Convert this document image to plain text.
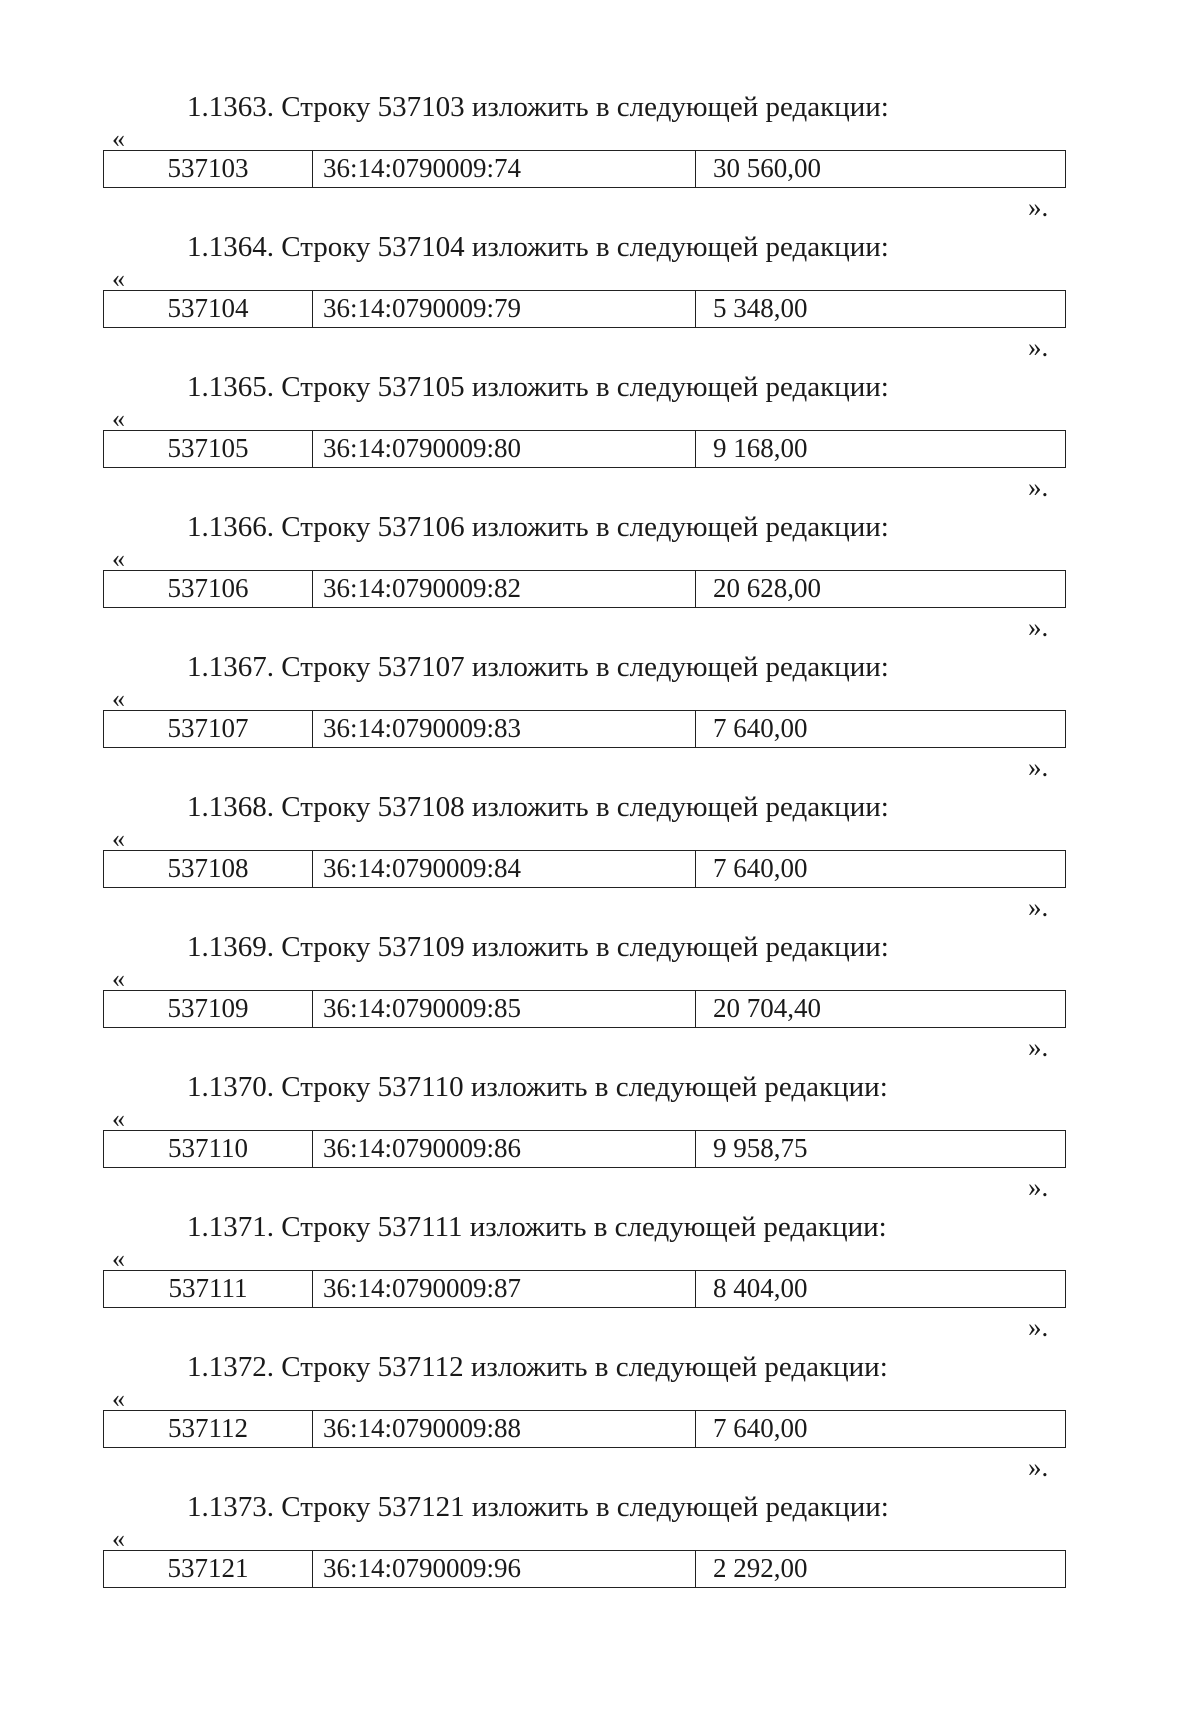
1.1363. Строку 537103 изложить в следующей редакции:
«
537103	36:14:0790009:74	30 560,00
».
1.1364. Строку 537104 изложить в следующей редакции:
«
537104	36:14:0790009:79	5 348,00
».
1.1365. Строку 537105 изложить в следующей редакции:
«
537105	36:14:0790009:80	9 168,00
».
1.1366. Строку 537106 изложить в следующей редакции:
«
537106	36:14:0790009:82	20 628,00
».
1.1367. Строку 537107 изложить в следующей редакции:
«
537107	36:14:0790009:83	7 640,00
».
1.1368. Строку 537108 изложить в следующей редакции:
«
537108	36:14:0790009:84	7 640,00
».
1.1369. Строку 537109 изложить в следующей редакции:
«
537109	36:14:0790009:85	20 704,40
».
1.1370. Строку 537110 изложить в следующей редакции:
«
537110	36:14:0790009:86	9 958,75
».
1.1371. Строку 537111 изложить в следующей редакции:
«
537111	36:14:0790009:87	8 404,00
».
1.1372. Строку 537112 изложить в следующей редакции:
«
537112	36:14:0790009:88	7 640,00
».
1.1373. Строку 537121 изложить в следующей редакции:
«
537121	36:14:0790009:96	2 292,00
